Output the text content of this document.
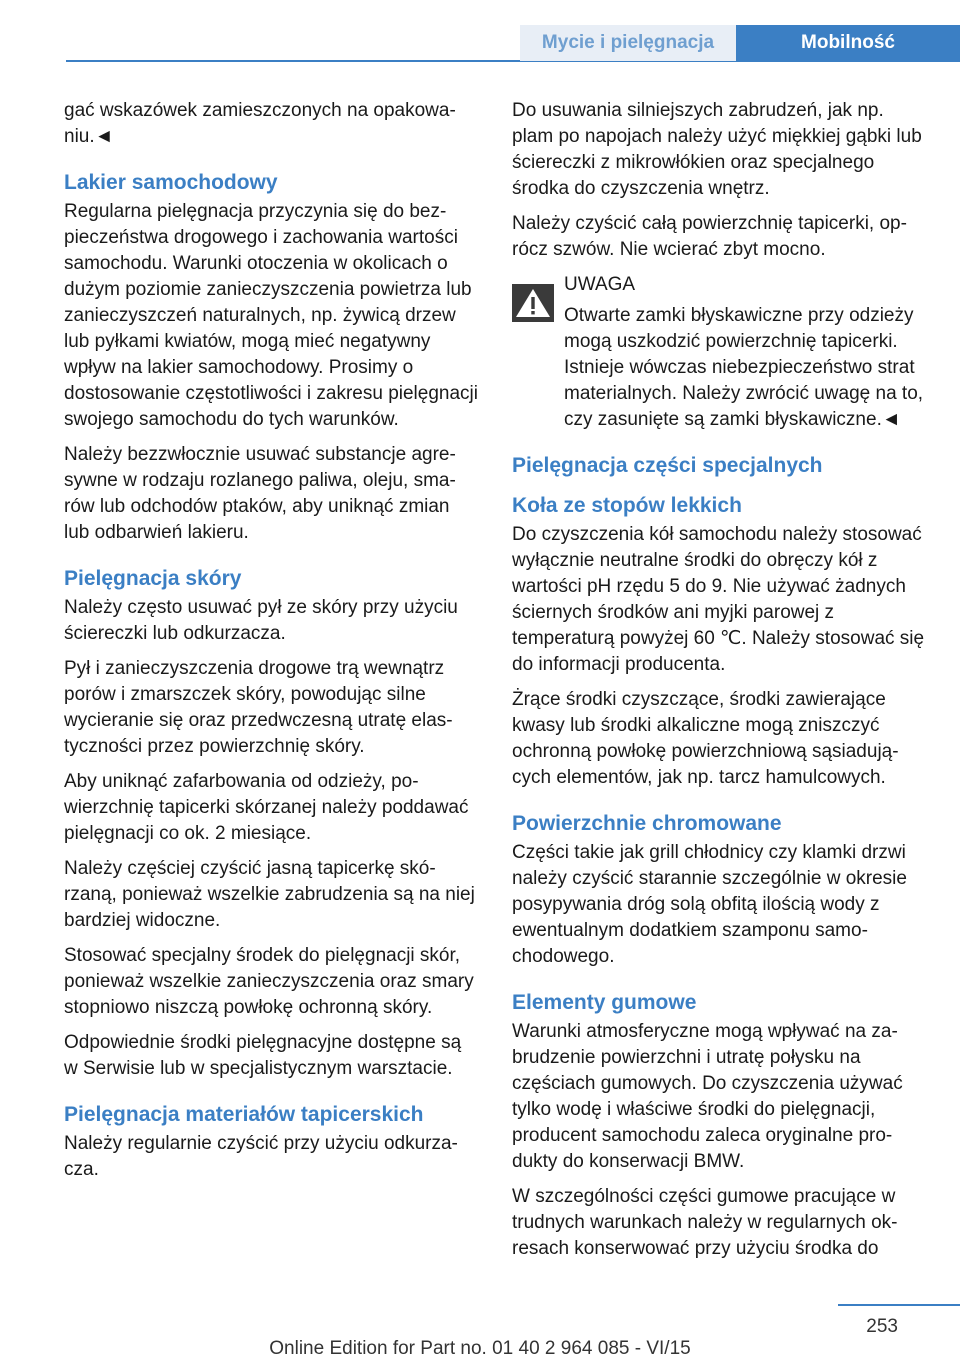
Mycie i pielęgnacja	Mobilność

gać wskazówek zamieszczonych na opakowaniu.◄

Lakier samochodowy

Regularna pielęgnacja przyczynia się do bezpieczeństwa drogowego i zachowania wartości samochodu. Warunki otoczenia w okolicach o dużym poziomie zanieczyszczenia powietrza lub zanieczyszczeń naturalnych, np. żywicą drzew lub pyłkami kwiatów, mogą mieć negatywny wpływ na lakier samochodowy. Prosimy o dostosowanie częstotliwości i zakresu pielęgnacji swojego samochodu do tych warunków.

Należy bezzwłocznie usuwać substancje agresywne w rodzaju rozlanego paliwa, oleju, smarów lub odchodów ptaków, aby uniknąć zmian lub odbarwień lakieru.

Pielęgnacja skóry

Należy często usuwać pył ze skóry przy użyciu ściereczki lub odkurzacza.

Pył i zanieczyszczenia drogowe trą wewnątrz porów i zmarszczek skóry, powodując silne wycieranie się oraz przedwczesną utratę elastyczności przez powierzchnię skóry.

Aby uniknąć zafarbowania od odzieży, powierzchnię tapicerki skórzanej należy poddawać pielęgnacji co ok. 2 miesiące.

Należy częściej czyścić jasną tapicerkę skórzaną, ponieważ wszelkie zabrudzenia są na niej bardziej widoczne.

Stosować specjalny środek do pielęgnacji skór, ponieważ wszelkie zanieczyszczenia oraz smary stopniowo niszczą powłokę ochronną skóry.

Odpowiednie środki pielęgnacyjne dostępne są w Serwisie lub w specjalistycznym warsztacie.

Pielęgnacja materiałów tapicerskich

Należy regularnie czyścić przy użyciu odkurzacza.

Do usuwania silniejszych zabrudzeń, jak np. plam po napojach należy użyć miękkiej gąbki lub ściereczki z mikrowłókien oraz specjalnego środka do czyszczenia wnętrz.

Należy czyścić całą powierzchnię tapicerki, oprócz szwów. Nie wcierać zbyt mocno.

UWAGA
Otwarte zamki błyskawiczne przy odzieży mogą uszkodzić powierzchnię tapicerki. Istnieje wówczas niebezpieczeństwo strat materialnych. Należy zwrócić uwagę na to, czy zasunięte są zamki błyskawiczne.◄
Pielęgnacja części specjalnych
Koła ze stopów lekkich

Do czyszczenia kół samochodu należy stosować wyłącznie neutralne środki do obręczy kół z wartości pH rzędu 5 do 9. Nie używać żadnych ściernych środków ani myjki parowej z temperaturą powyżej 60 ℃. Należy stosować się do informacji producenta.

Żrące środki czyszczące, środki zawierające kwasy lub środki alkaliczne mogą zniszczyć ochronną powłokę powierzchniową sąsiadujących elementów, jak np. tarcz hamulcowych.

Powierzchnie chromowane

Części takie jak grill chłodnicy czy klamki drzwi należy czyścić starannie szczególnie w okresie posypywania dróg solą obfitą ilością wody z ewentualnym dodatkiem szamponu samochodowego.

Elementy gumowe

Warunki atmosferyczne mogą wpływać na zabrudzenie powierzchni i utratę połysku na częściach gumowych. Do czyszczenia używać tylko wodę i właściwe środki do pielęgnacji, producent samochodu zaleca oryginalne produkty do konserwacji BMW.

W szczególności części gumowe pracujące w trudnych warunkach należy w regularnych okresach konserwować przy użyciu środka do

253
Online Edition for Part no. 01 40 2 964 085 - VI/15
